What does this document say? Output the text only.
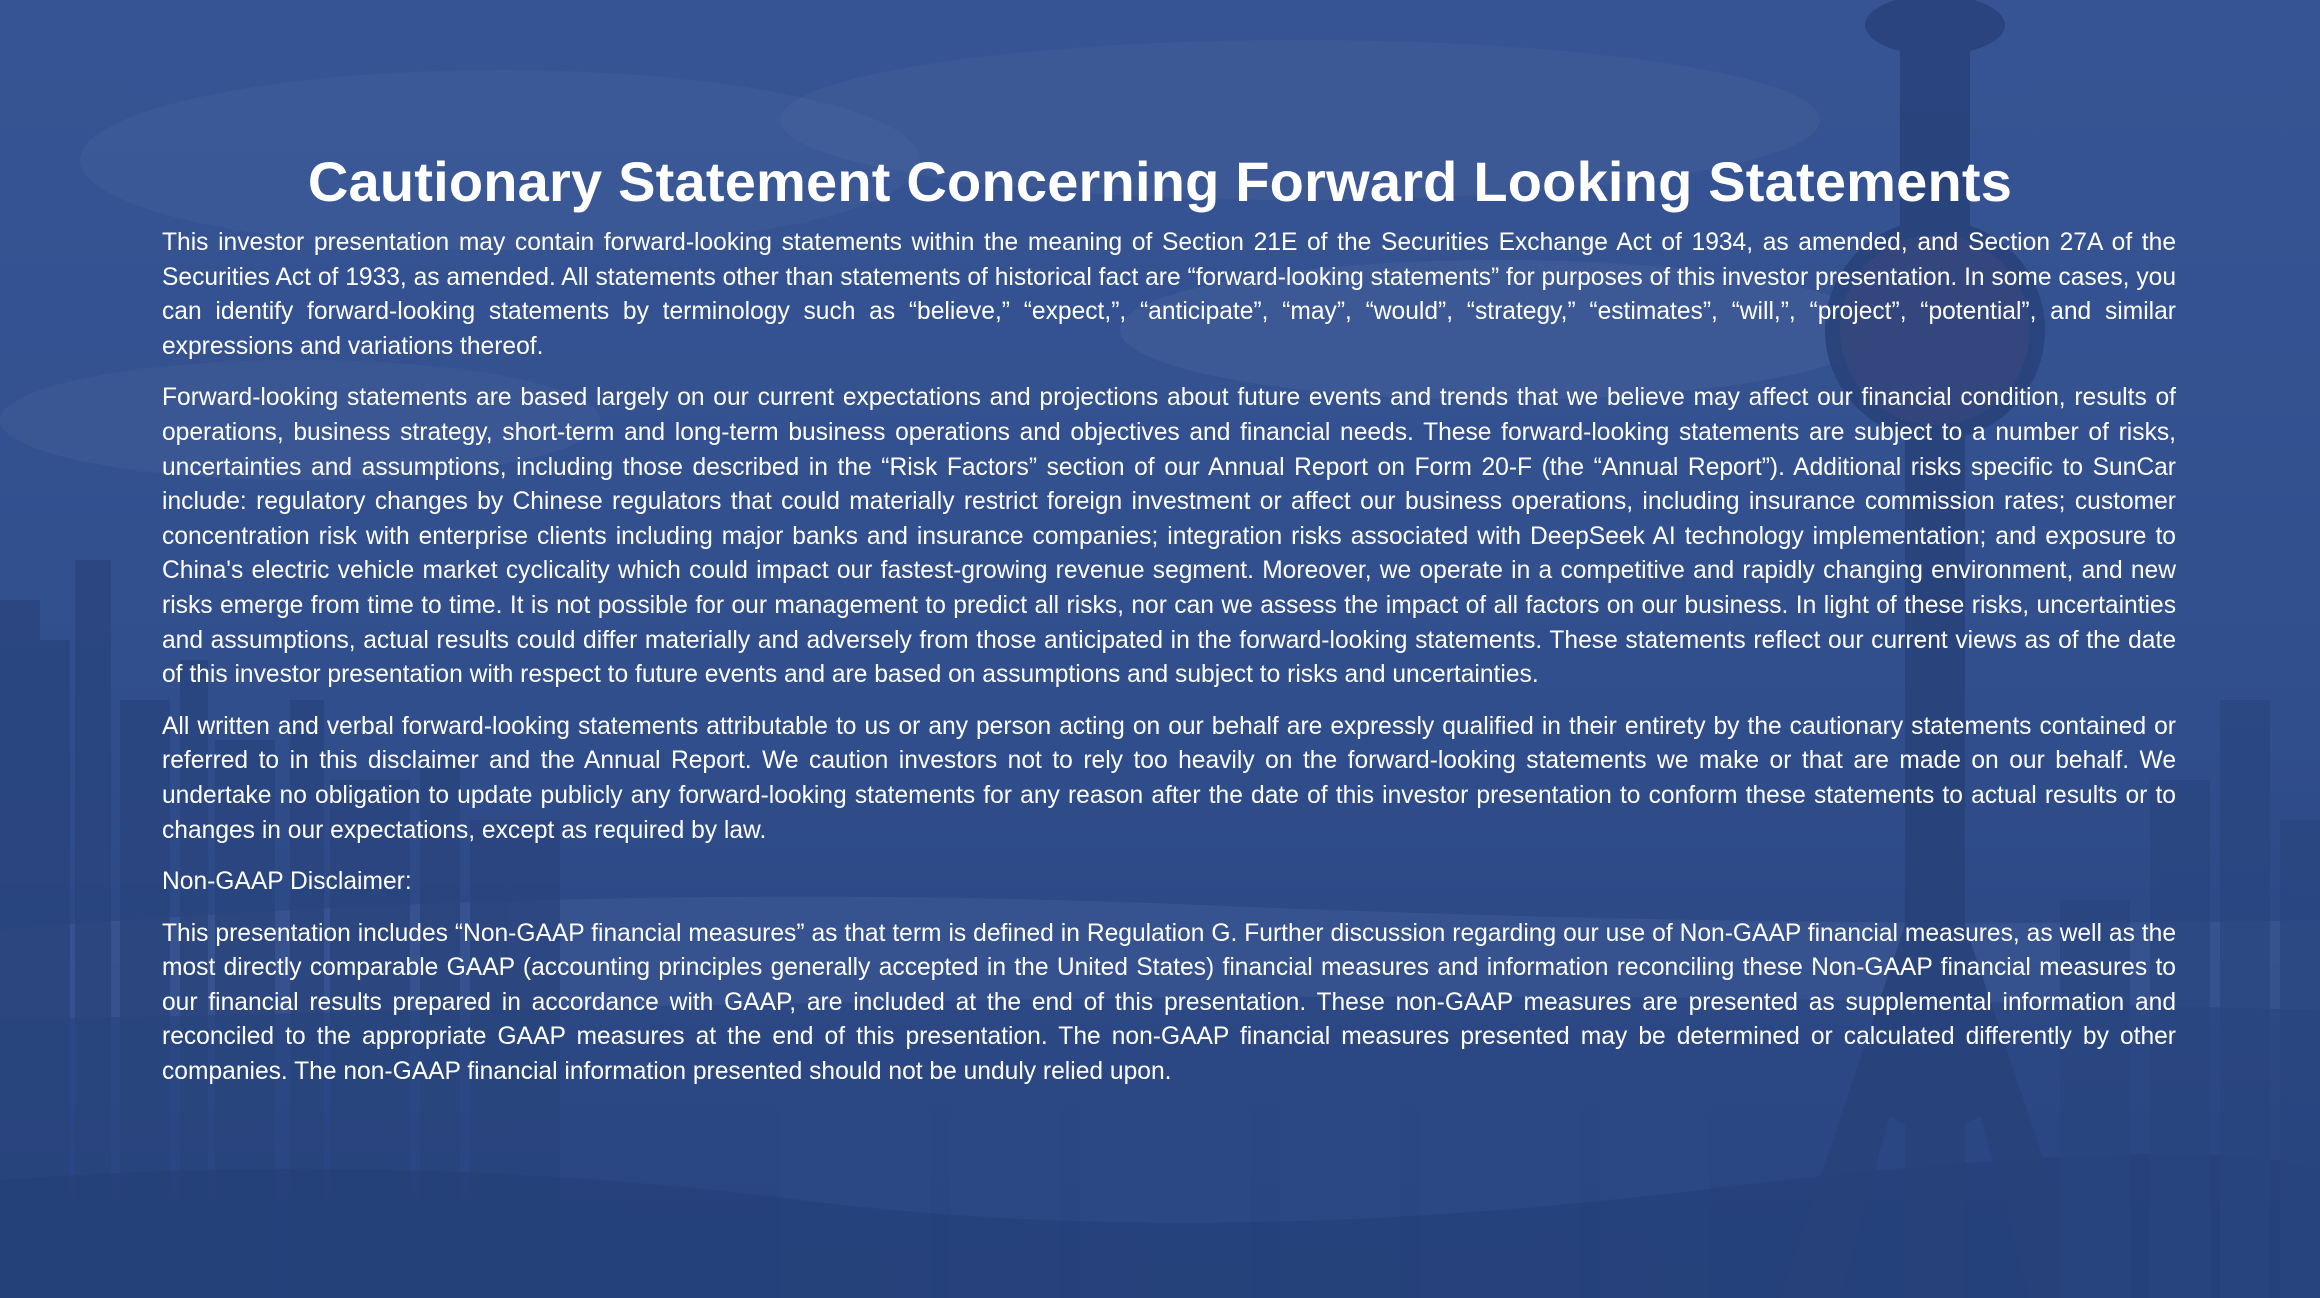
Cautionary Statement Concerning Forward Looking Statements

This investor presentation may contain forward-looking statements within the meaning of Section 21E of the Securities Exchange Act of 1934, as amended, and Section 27A of the Securities Act of 1933, as amended. All statements other than statements of historical fact are “forward-looking statements” for purposes of this investor presentation. In some cases, you can identify forward-looking statements by terminology such as “believe,” “expect,”, “anticipate”, “may”, “would”, “strategy,” “estimates”, “will,”, “project”, “potential”, and similar expressions and variations thereof.

Forward-looking statements are based largely on our current expectations and projections about future events and trends that we believe may affect our financial condition, results of operations, business strategy, short-term and long-term business operations and objectives and financial needs. These forward-looking statements are subject to a number of risks, uncertainties and assumptions, including those described in the “Risk Factors” section of our Annual Report on Form 20-F (the “Annual Report”). Additional risks specific to SunCar include: regulatory changes by Chinese regulators that could materially restrict foreign investment or affect our business operations, including insurance commission rates; customer concentration risk with enterprise clients including major banks and insurance companies; integration risks associated with DeepSeek AI technology implementation; and exposure to China's electric vehicle market cyclicality which could impact our fastest-growing revenue segment. Moreover, we operate in a competitive and rapidly changing environment, and new risks emerge from time to time. It is not possible for our management to predict all risks, nor can we assess the impact of all factors on our business. In light of these risks, uncertainties and assumptions, actual results could differ materially and adversely from those anticipated in the forward-looking statements. These statements reflect our current views as of the date of this investor presentation with respect to future events and are based on assumptions and subject to risks and uncertainties.

All written and verbal forward-looking statements attributable to us or any person acting on our behalf are expressly qualified in their entirety by the cautionary statements contained or referred to in this disclaimer and the Annual Report. We caution investors not to rely too heavily on the forward-looking statements we make or that are made on our behalf. We undertake no obligation to update publicly any forward-looking statements for any reason after the date of this investor presentation to conform these statements to actual results or to changes in our expectations, except as required by law.

Non-GAAP Disclaimer:

This presentation includes “Non-GAAP financial measures” as that term is defined in Regulation G. Further discussion regarding our use of Non-GAAP financial measures, as well as the most directly comparable GAAP (accounting principles generally accepted in the United States) financial measures and information reconciling these Non-GAAP financial measures to our financial results prepared in accordance with GAAP, are included at the end of this presentation. These non-GAAP measures are presented as supplemental information and reconciled to the appropriate GAAP measures at the end of this presentation. The non-GAAP financial measures presented may be determined or calculated differently by other companies. The non-GAAP financial information presented should not be unduly relied upon.
